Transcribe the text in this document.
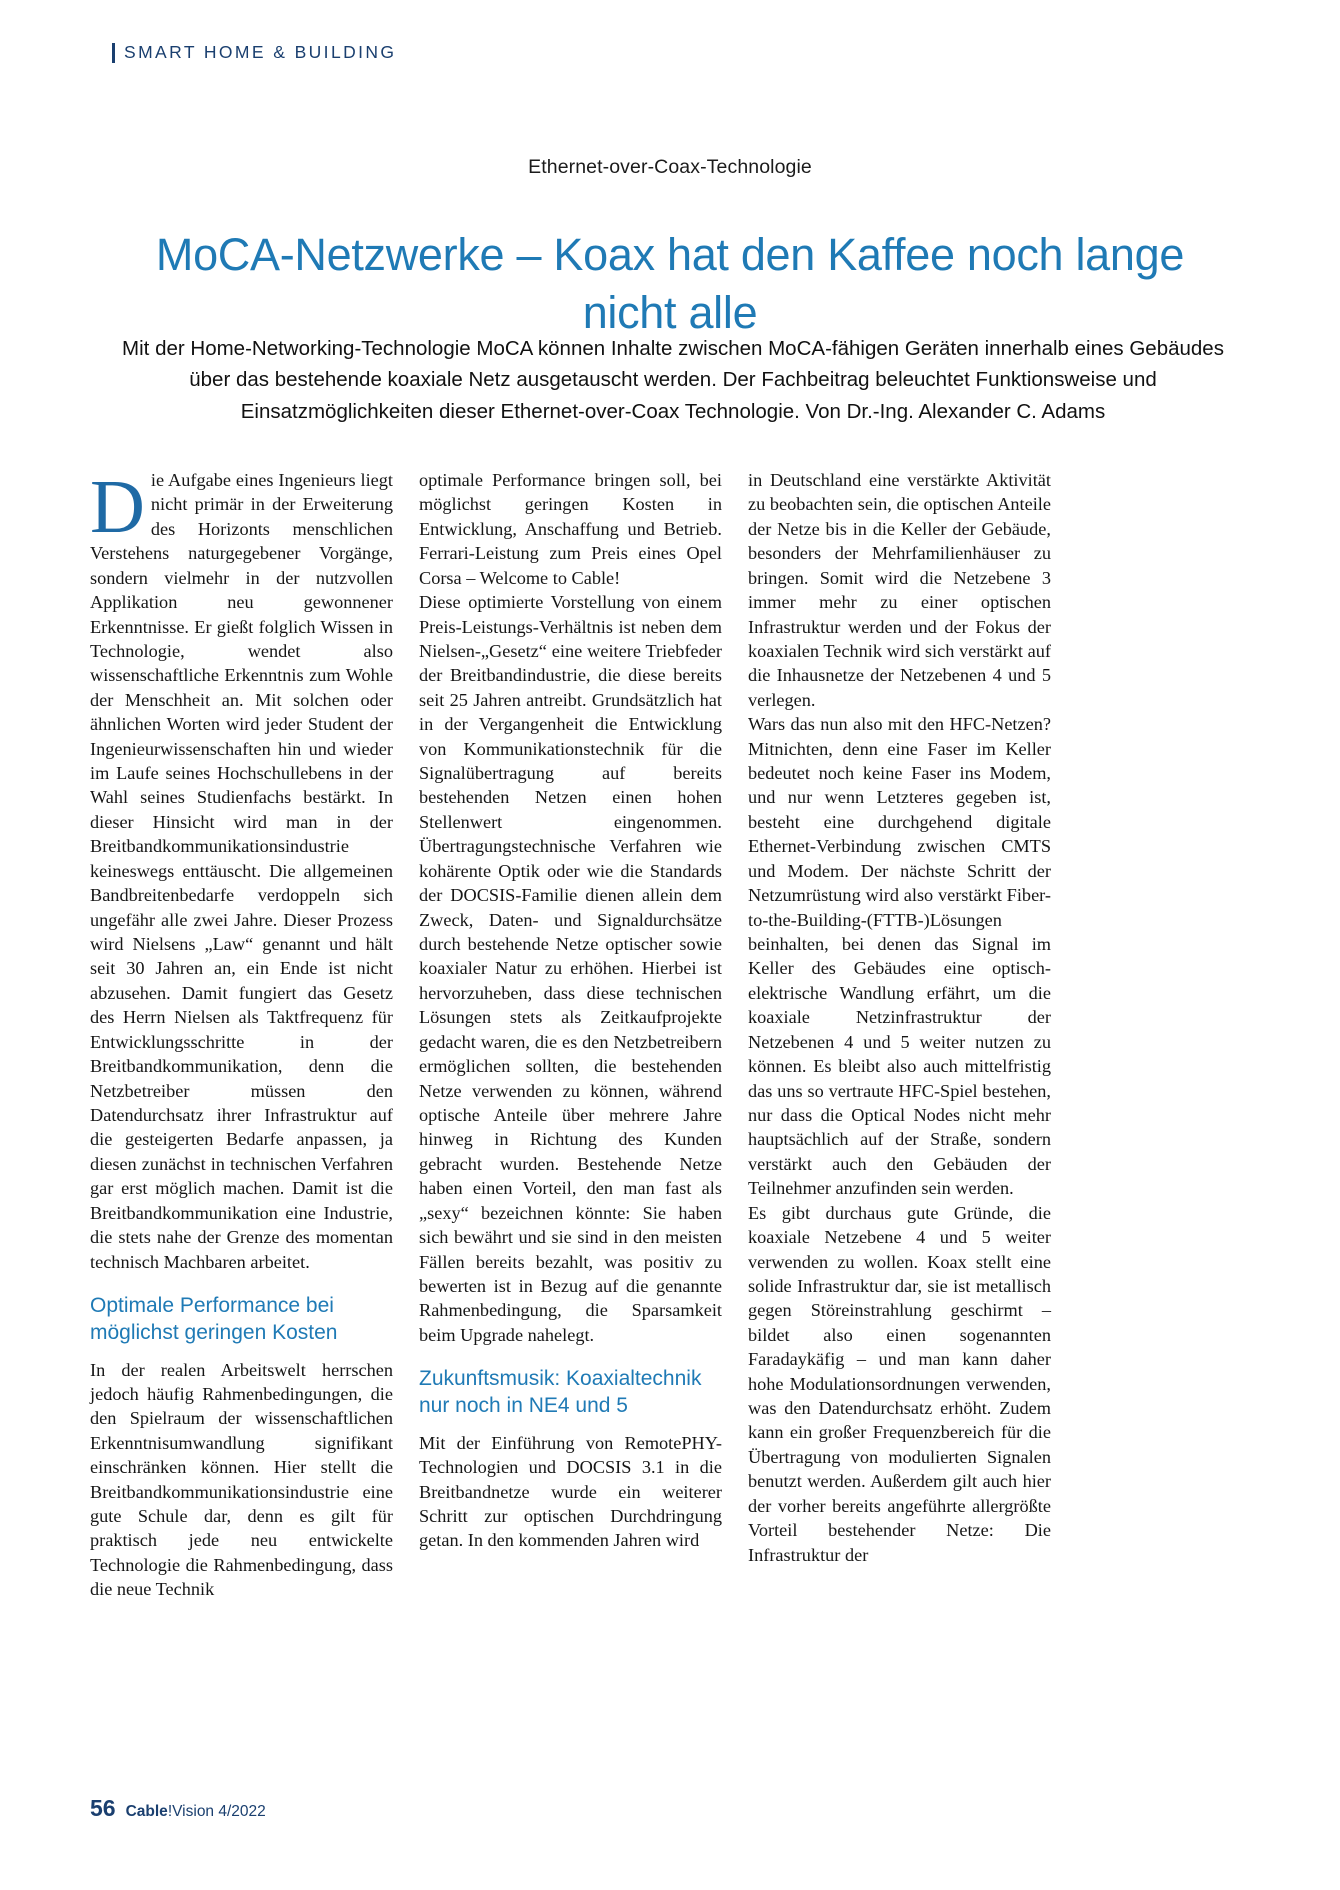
SMART HOME & BUILDING
Ethernet-over-Coax-Technologie
MoCA-Netzwerke – Koax hat den Kaffee noch lange nicht alle
Mit der Home-Networking-Technologie MoCA können Inhalte zwischen MoCA-fähigen Geräten innerhalb eines Gebäudes über das bestehende koaxiale Netz ausgetauscht werden. Der Fachbeitrag beleuchtet Funktionsweise und Einsatzmöglichkeiten dieser Ethernet-over-Coax Technologie. Von Dr.-Ing. Alexander C. Adams

Die Aufgabe eines Ingenieurs liegt nicht primär in der Erweiterung des Horizonts menschlichen Verstehens naturgegebener Vorgänge, sondern vielmehr in der nutzvollen Applikation neu gewonnener Erkenntnisse. Er gießt folglich Wissen in Technologie, wendet also wissenschaftliche Erkenntnis zum Wohle der Menschheit an. Mit solchen oder ähnlichen Worten wird jeder Student der Ingenieurwissenschaften hin und wieder im Laufe seines Hochschullebens in der Wahl seines Studienfachs bestärkt. In dieser Hinsicht wird man in der Breitbandkommunikationsindustrie keineswegs enttäuscht. Die allgemeinen Bandbreitenbedarfe verdoppeln sich ungefähr alle zwei Jahre. Dieser Prozess wird Nielsens „Law“ genannt und hält seit 30 Jahren an, ein Ende ist nicht abzusehen. Damit fungiert das Gesetz des Herrn Nielsen als Taktfrequenz für Entwicklungsschritte in der Breitbandkommunikation, denn die Netzbetreiber müssen den Datendurchsatz ihrer Infrastruktur auf die gesteigerten Bedarfe anpassen, ja diesen zunächst in technischen Verfahren gar erst möglich machen. Damit ist die Breitbandkommunikation eine Industrie, die stets nahe der Grenze des momentan technisch Machbaren arbeitet.

Optimale Performance bei möglichst geringen Kosten

In der realen Arbeitswelt herrschen jedoch häufig Rahmenbedingungen, die den Spielraum der wissenschaftlichen Erkenntnisumwandlung signifikant einschränken können. Hier stellt die Breitbandkommunikationsindustrie eine gute Schule dar, denn es gilt für praktisch jede neu entwickelte Technologie die Rahmenbedingung, dass die neue Technik

optimale Performance bringen soll, bei möglichst geringen Kosten in Entwicklung, Anschaffung und Betrieb. Ferrari-Leistung zum Preis eines Opel Corsa – Welcome to Cable!

Diese optimierte Vorstellung von einem Preis-Leistungs-Verhältnis ist neben dem Nielsen-„Gesetz“ eine weitere Triebfeder der Breitbandindustrie, die diese bereits seit 25 Jahren antreibt. Grundsätzlich hat in der Vergangenheit die Entwicklung von Kommunikationstechnik für die Signalübertragung auf bereits bestehenden Netzen einen hohen Stellenwert eingenommen. Übertragungstechnische Verfahren wie kohärente Optik oder wie die Standards der DOCSIS-Familie dienen allein dem Zweck, Daten- und Signaldurchsätze durch bestehende Netze optischer sowie koaxialer Natur zu erhöhen. Hierbei ist hervorzuheben, dass diese technischen Lösungen stets als Zeitkaufprojekte gedacht waren, die es den Netzbetreibern ermöglichen sollten, die bestehenden Netze verwenden zu können, während optische Anteile über mehrere Jahre hinweg in Richtung des Kunden gebracht wurden. Bestehende Netze haben einen Vorteil, den man fast als „sexy“ bezeichnen könnte: Sie haben sich bewährt und sie sind in den meisten Fällen bereits bezahlt, was positiv zu bewerten ist in Bezug auf die genannte Rahmenbedingung, die Sparsamkeit beim Upgrade nahelegt.

Zukunftsmusik: Koaxialtechnik nur noch in NE4 und 5

Mit der Einführung von RemotePHY-Technologien und DOCSIS 3.1 in die Breitbandnetze wurde ein weiterer Schritt zur optischen Durchdringung getan. In den kommenden Jahren wird

in Deutschland eine verstärkte Aktivität zu beobachten sein, die optischen Anteile der Netze bis in die Keller der Gebäude, besonders der Mehrfamilienhäuser zu bringen. Somit wird die Netzebene 3 immer mehr zu einer optischen Infrastruktur werden und der Fokus der koaxialen Technik wird sich verstärkt auf die Inhausnetze der Netzebenen 4 und 5 verlegen.

Wars das nun also mit den HFC-Netzen? Mitnichten, denn eine Faser im Keller bedeutet noch keine Faser ins Modem, und nur wenn Letzteres gegeben ist, besteht eine durchgehend digitale Ethernet-Verbindung zwischen CMTS und Modem. Der nächste Schritt der Netzumrüstung wird also verstärkt Fiber-to-the-Building-(FTTB-)Lösungen beinhalten, bei denen das Signal im Keller des Gebäudes eine optisch-elektrische Wandlung erfährt, um die koaxiale Netzinfrastruktur der Netzebenen 4 und 5 weiter nutzen zu können. Es bleibt also auch mittelfristig das uns so vertraute HFC-Spiel bestehen, nur dass die Optical Nodes nicht mehr hauptsächlich auf der Straße, sondern verstärkt auch den Gebäuden der Teilnehmer anzufinden sein werden.

Es gibt durchaus gute Gründe, die koaxiale Netzebene 4 und 5 weiter verwenden zu wollen. Koax stellt eine solide Infrastruktur dar, sie ist metallisch gegen Störeinstrahlung geschirmt – bildet also einen sogenannten Faradaykäfig – und man kann daher hohe Modulationsordnungen verwenden, was den Datendurchsatz erhöht. Zudem kann ein großer Frequenzbereich für die Übertragung von modulierten Signalen benutzt werden. Außerdem gilt auch hier der vorher bereits angeführte allergrößte Vorteil bestehender Netze: Die Infrastruktur der

56 Cable!Vision 4/2022
